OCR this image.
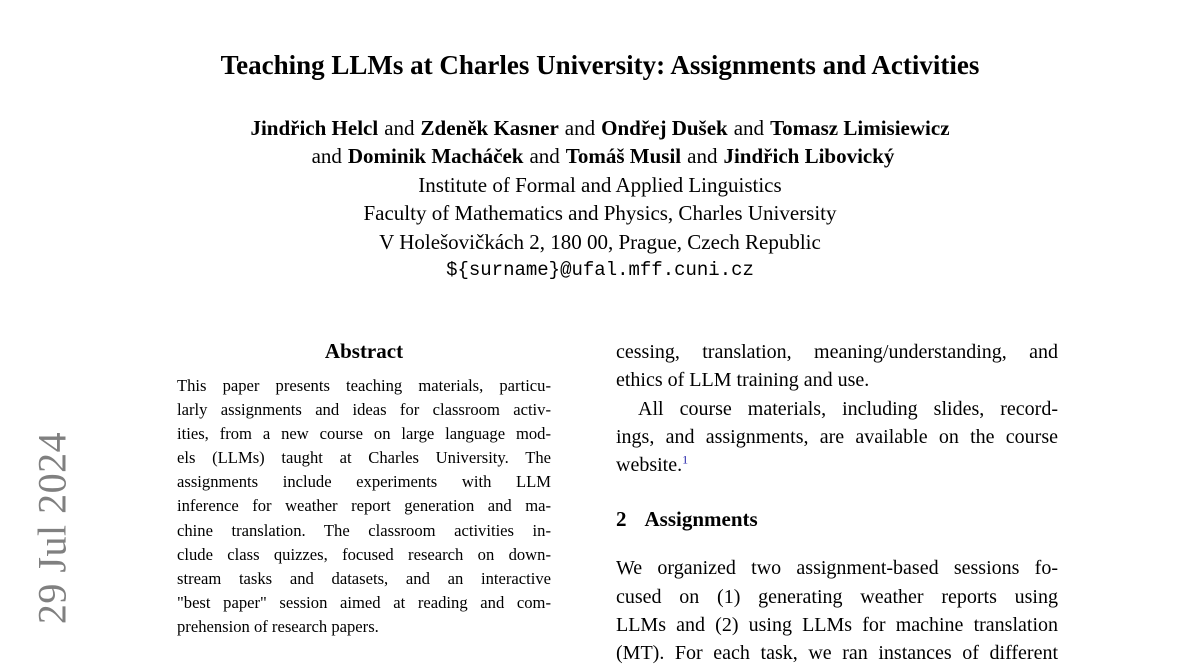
29 Jul 2024
Teaching LLMs at Charles University: Assignments and Activities
Jindřich Helcl and Zdeněk Kasner and Ondřej Dušek and Tomasz Limisiewicz
and Dominik Macháček and Tomáš Musil and Jindřich Libovický
Institute of Formal and Applied Linguistics
Faculty of Mathematics and Physics, Charles University
V Holešovičkách 2, 180 00, Prague, Czech Republic
${surname}@ufal.mff.cuni.cz
Abstract
This paper presents teaching materials, particu-
larly assignments and ideas for classroom activ-
ities, from a new course on large language mod-
els (LLMs) taught at Charles University. The
assignments include experiments with LLM
inference for weather report generation and ma-
chine translation. The classroom activities in-
clude class quizzes, focused research on down-
stream tasks and datasets, and an interactive
"best paper" session aimed at reading and com-
prehension of research papers.
cessing, translation, meaning/understanding, and
ethics of LLM training and use.
All course materials, including slides, record-
ings, and assignments, are available on the course
website.$^1$
2 Assignments
We organized two assignment-based sessions fo-
cused on (1) generating weather reports using
LLMs and (2) using LLMs for machine translation
(MT). For each task, we ran instances of different
